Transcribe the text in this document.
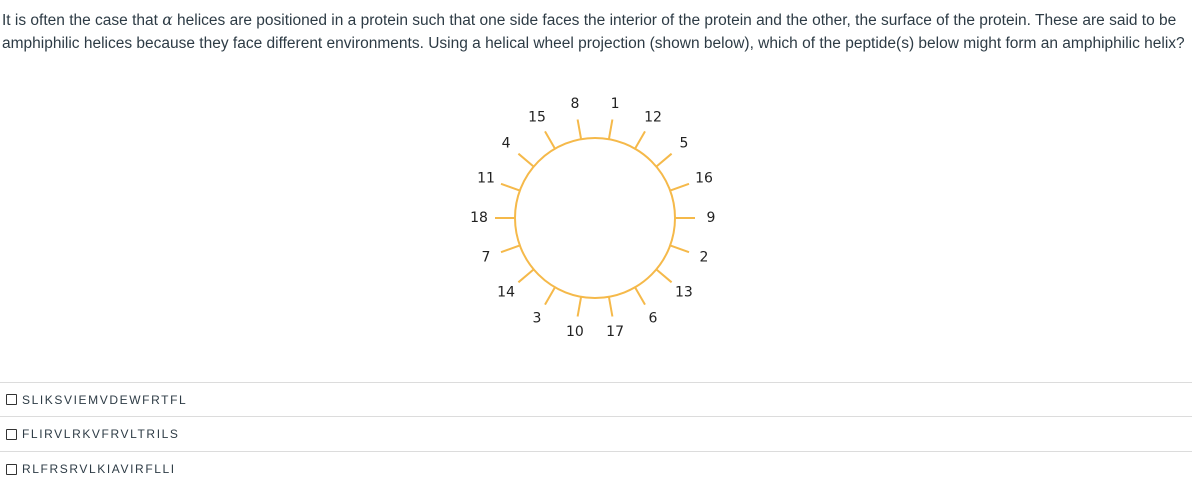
It is often the case that α helices are positioned in a protein such that one side faces the interior of the protein and the other, the surface of the protein. These are said to be amphiphilic helices because they face different environments. Using a helical wheel projection (shown below), which of the peptide(s) below might form an amphiphilic helix?

8 1
12
5
16
9
2
13
6
17
10
3
14
7
18
11
4
15
SLIKSVIEMVDEWFRTFL
FLIRVLRKVFRVLTRILS
RLFRSRVLKIAVIRFLLI
